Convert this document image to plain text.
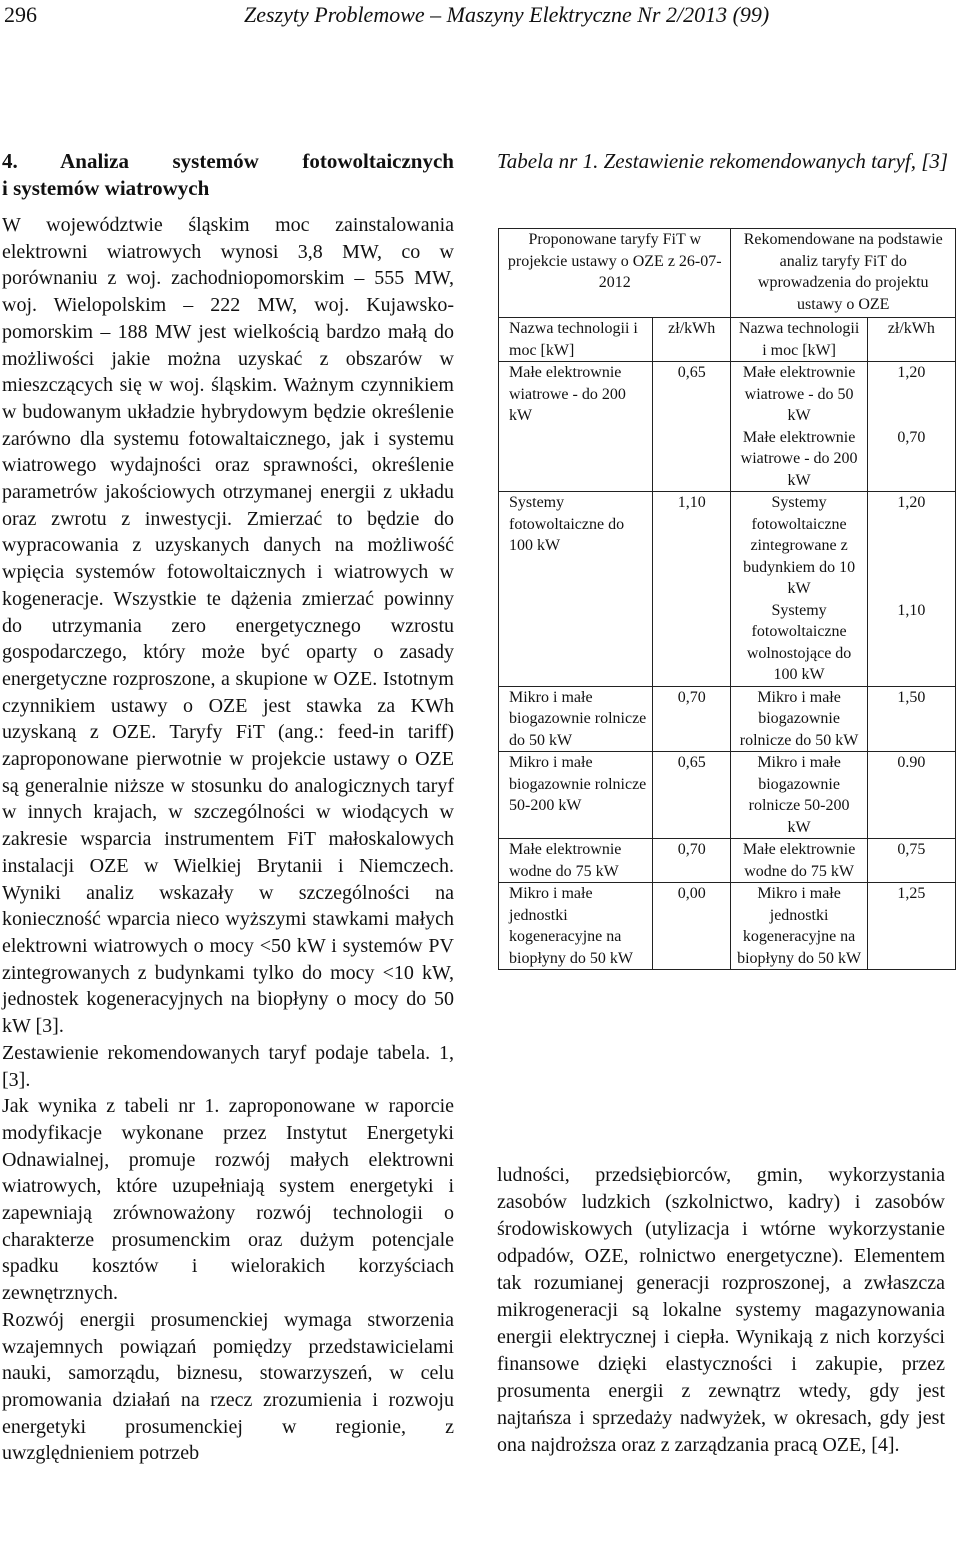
296	Zeszyty Problemowe – Maszyny Elektryczne Nr 2/2013 (99)
4. Analiza systemów fotowoltaicznych
i systemów wiatrowych

W województwie śląskim moc zainstalowania elektrowni wiatrowych wynosi 3,8 MW, co w porównaniu z woj. zachodniopomorskim – 555 MW, woj. Wielopolskim – 222 MW, woj. Kujawsko-pomorskim – 188 MW jest wielkością bardzo małą do możliwości jakie można uzyskać z obszarów w mieszczących się w woj. śląskim. Ważnym czynnikiem w budowanym układzie hybrydowym będzie określenie zarówno dla systemu fotowaltaicznego, jak i systemu wiatrowego wydajności oraz sprawności, określenie parametrów jakościowych otrzymanej energii z układu oraz zwrotu z inwestycji. Zmierzać to będzie do wypracowania z uzyskanych danych na możliwość wpięcia systemów fotowoltaicznych i wiatrowych w kogeneracje. Wszystkie te dążenia zmierzać powinny do utrzymania zero energetycznego wzrostu gospodarczego, który może być oparty o zasady energetyczne rozproszone, a skupione w OZE. Istotnym czynnikiem ustawy o OZE jest stawka za KWh uzyskaną z OZE. Taryfy FiT (ang.: feed-in tariff) zaproponowane pierwotnie w projekcie ustawy o OZE są generalnie niższe w stosunku do analogicznych taryf w innych krajach, w szczególności w wiodących w zakresie wsparcia instrumentem FiT małoskalowych instalacji OZE w Wielkiej Brytanii i Niemczech. Wyniki analiz wskazały w szczególności na konieczność wparcia nieco wyższymi stawkami małych elektrowni wiatrowych o mocy <50 kW i systemów PV zintegrowanych z budynkami tylko do mocy <10 kW, jednostek kogeneracyjnych na biopłyny o mocy do 50 kW [3].

Zestawienie rekomendowanych taryf podaje tabela. 1, [3].

Jak wynika z tabeli nr 1. zaproponowane w raporcie modyfikacje wykonane przez Instytut Energetyki Odnawialnej, promuje rozwój małych elektrowni wiatrowych, które uzupełniają system energetyki i zapewniają zrównoważony rozwój technologii o charakterze prosumenckim oraz dużym potencjale spadku kosztów i wielorakich korzyściach zewnętrznych.

Rozwój energii prosumenckiej wymaga stworzenia wzajemnych powiązań pomiędzy przedstawicielami nauki, samorządu, biznesu, stowarzyszeń, w celu promowania działań na rzecz zrozumienia i rozwoju energetyki prosumenckiej w regionie, z uwzględnieniem potrzeb

Tabela nr 1. Zestawienie rekomendowanych taryf, [3]
Proponowane taryfy FiT w projekcie ustawy o OZE z 26-07-2012		Rekomendowane na podstawie analiz taryfy FiT do wprowadzenia do projektu ustawy o OZE	
Nazwa technologii i moc [kW]	zł/kWh	Nazwa technologii i moc [kW]	zł/kWh
Małe elektrownie wiatrowe - do 200 kW	0,65	Małe elektrownie wiatrowe - do 50 kW	1,20
		Małe elektrownie wiatrowe - do 200 kW	0,70
Systemy fotowoltaiczne do 100 kW	1,10	Systemy fotowoltaiczne zintegrowane z budynkiem do 10 kW	1,20
		Systemy fotowoltaiczne wolnostojące do 100 kW	1,10
Mikro i małe biogazownie rolnicze do 50 kW	0,70	Mikro i małe biogazownie rolnicze do 50 kW	1,50
Mikro i małe biogazownie rolnicze 50-200 kW	0,65	Mikro i małe biogazownie rolnicze 50-200 kW	0.90
Małe elektrownie wodne do 75 kW	0,70	Małe elektrownie wodne do 75 kW	0,75
Mikro i małe jednostki kogeneracyjne na biopłyny do 50 kW	0,00	Mikro i małe jednostki kogeneracyjne na biopłyny do 50 kW	1,25

ludności, przedsiębiorców, gmin, wykorzystania zasobów ludzkich (szkolnictwo, kadry) i zasobów środowiskowych (utylizacja i wtórne wykorzystanie odpadów, OZE, rolnictwo energetyczne). Elementem tak rozumianej generacji rozproszonej, a zwłaszcza mikrogeneracji są lokalne systemy magazynowania energii elektrycznej i ciepła. Wynikają z nich korzyści finansowe dzięki elastyczności i zakupie, przez prosumenta energii z zewnątrz wtedy, gdy jest najtańsza i sprzedaży nadwyżek, w okresach, gdy jest ona najdroższa oraz z zarządzania pracą OZE, [4].
